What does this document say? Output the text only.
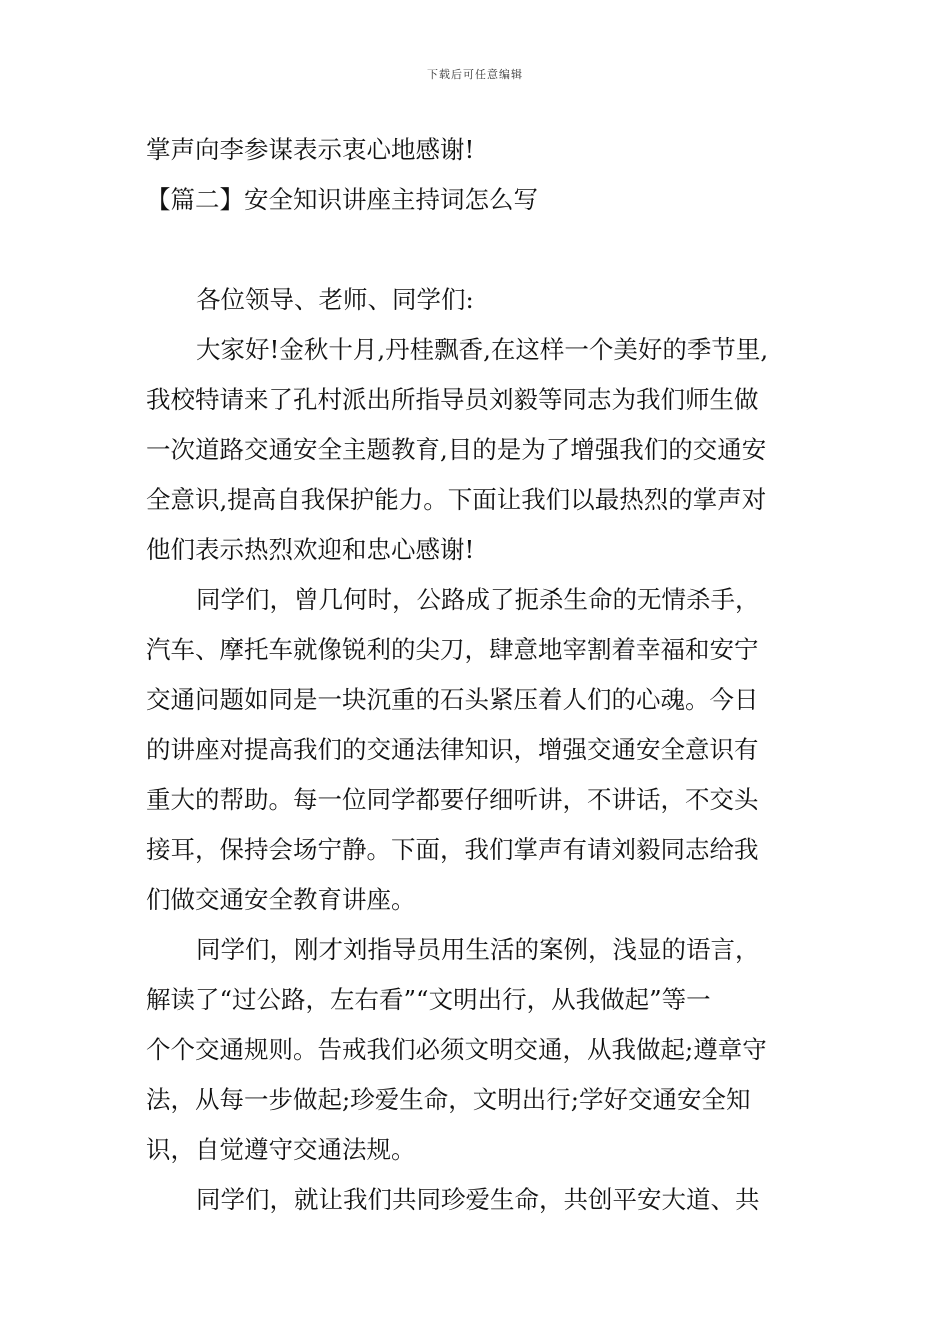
下载后可任意编辑
掌声向李参谋表示衷心地感谢!
【篇二】安全知识讲座主持词怎么写
各位领导、老师、同学们:
大家好!金秋十月,丹桂飘香,在这样一个美好的季节里,
我校特请来了孔村派出所指导员刘毅等同志为我们师生做
一次道路交通安全主题教育,目的是为了增强我们的交通安
全意识,提高自我保护能力。下面让我们以最热烈的掌声对
他们表示热烈欢迎和忠心感谢!
同学们，曾几何时，公路成了扼杀生命的无情杀手，
汽车、摩托车就像锐利的尖刀，肆意地宰割着幸福和安宁
交通问题如同是一块沉重的石头紧压着人们的心魂。今日
的讲座对提高我们的交通法律知识，增强交通安全意识有
重大的帮助。每一位同学都要仔细听讲，不讲话，不交头
接耳，保持会场宁静。下面，我们掌声有请刘毅同志给我
们做交通安全教育讲座。
同学们，刚才刘指导员用生活的案例，浅显的语言，
解读了“过公路，左右看”“文明出行，从我做起”等一
个个交通规则。告戒我们必须文明交通，从我做起;遵章守
法，从每一步做起;珍爱生命，文明出行;学好交通安全知
识，自觉遵守交通法规。
同学们，就让我们共同珍爱生命，共创平安大道、共
